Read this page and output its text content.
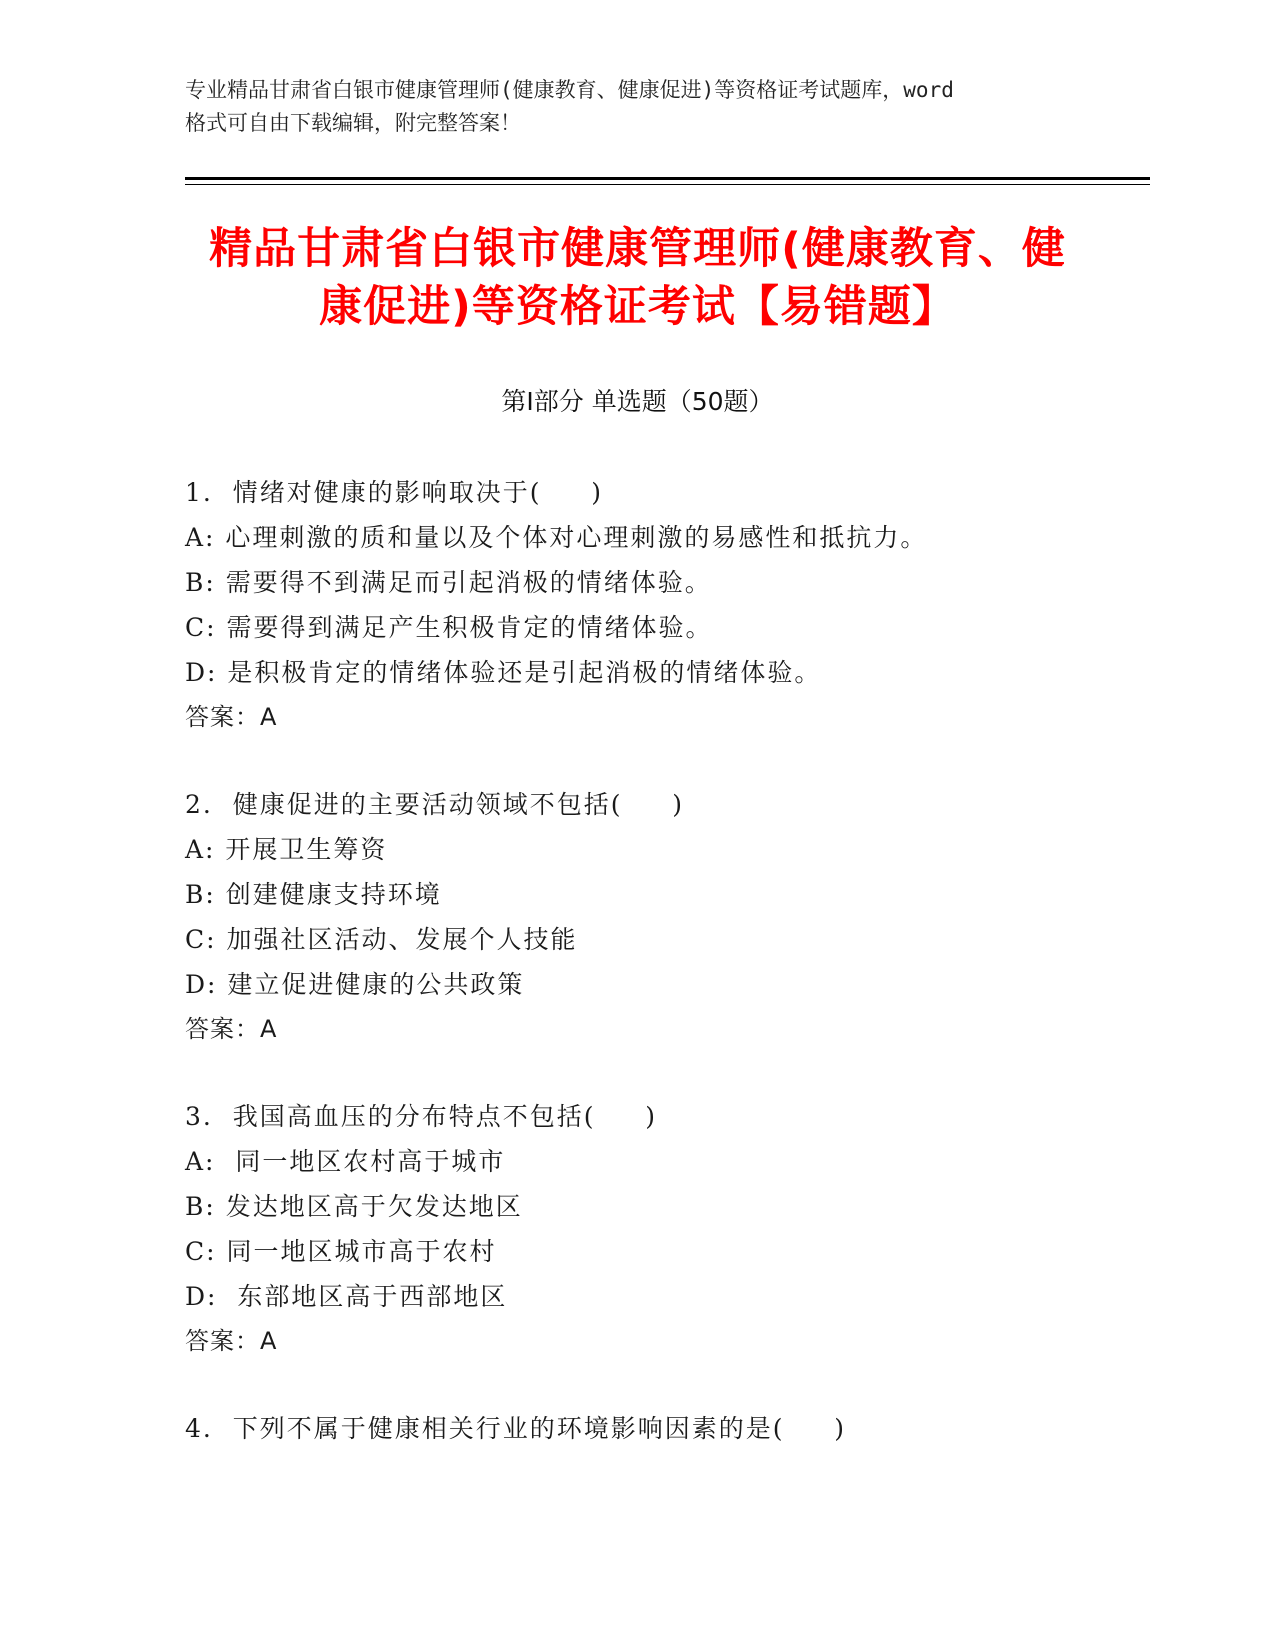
专业精品甘肃省白银市健康管理师(健康教育、健康促进)等资格证考试题库，word
格式可自由下载编辑，附完整答案！
精品甘肃省白银市健康管理师(健康教育、健
康促进)等资格证考试【易错题】
第Ⅰ部分 单选题（50题）
1.  情绪对健康的影响取决于(     )
A: 心理刺激的质和量以及个体对心理刺激的易感性和抵抗力。
B: 需要得不到满足而引起消极的情绪体验。
C: 需要得到满足产生积极肯定的情绪体验。
D: 是积极肯定的情绪体验还是引起消极的情绪体验。
答案：A
2.  健康促进的主要活动领域不包括(     )
A: 开展卫生筹资
B: 创建健康支持环境
C: 加强社区活动、发展个人技能
D: 建立促进健康的公共政策
答案：A
3.  我国高血压的分布特点不包括(     )
A:  同一地区农村高于城市
B: 发达地区高于欠发达地区
C: 同一地区城市高于农村
D:  东部地区高于西部地区
答案：A
4.  下列不属于健康相关行业的环境影响因素的是(     )
